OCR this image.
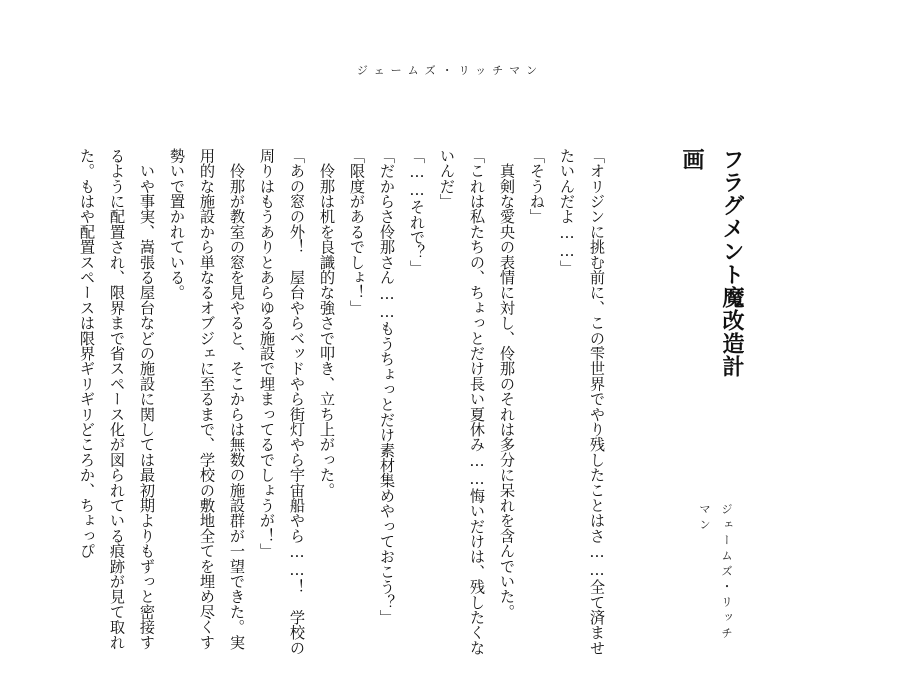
ジェームズ・リッチマン
フラグメント魔改造計画
ジェームズ・リッチマン

「オリジンに挑む前に、この雫世界でやり残したことはさ……全て済ませたいんだよ……」

「そうね」

　真剣な愛央の表情に対し、伶那のそれは多分に呆れを含んでいた。

「これは私たちの、ちょっとだけ長い夏休み……悔いだけは、残したくないんだ」

「……それで？」

「だからさ伶那さん……もうちょっとだけ素材集めやっておこう？」

「限度があるでしょ！」

　伶那は机を良識的な強さで叩き、立ち上がった。

「あの窓の外！　屋台やらベッドやら街灯やら宇宙船やら……！　学校の周りはもうありとあらゆる施設で埋まってるでしょうが！」

　伶那が教室の窓を見やると、そこからは無数の施設群が一望できた。実用的な施設から単なるオブジェに至るまで、学校の敷地全てを埋め尽くす勢いで置かれている。

　いや事実、嵩張る屋台などの施設に関しては最初期よりもずっと密接するように配置され、限界まで省スペース化が図られている痕跡が見て取れた。もはや配置スペースは限界ギリギリどころか、ちょっぴ
